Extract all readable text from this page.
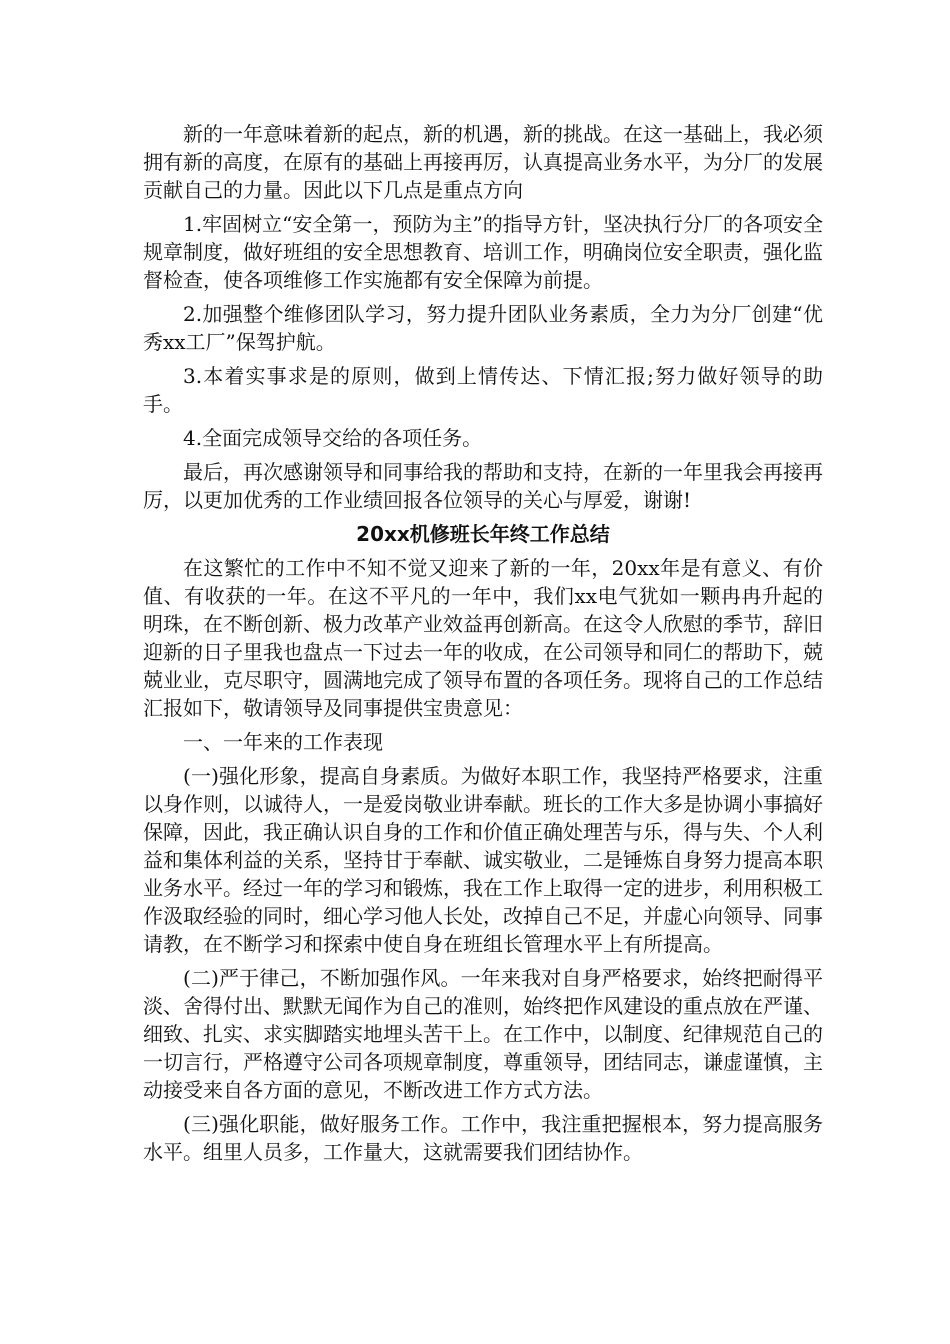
新的一年意味着新的起点，新的机遇，新的挑战。在这一基础上，我必须拥有新的高度，在原有的基础上再接再厉，认真提高业务水平，为分厂的发展贡献自己的力量。因此以下几点是重点方向

1.牢固树立“安全第一，预防为主”的指导方针，坚决执行分厂的各项安全规章制度，做好班组的安全思想教育、培训工作，明确岗位安全职责，强化监督检查，使各项维修工作实施都有安全保障为前提。

2.加强整个维修团队学习，努力提升团队业务素质，全力为分厂创建“优秀xx工厂”保驾护航。

3.本着实事求是的原则，做到上情传达、下情汇报;努力做好领导的助手。

4.全面完成领导交给的各项任务。

最后，再次感谢领导和同事给我的帮助和支持，在新的一年里我会再接再厉，以更加优秀的工作业绩回报各位领导的关心与厚爱，谢谢!

20xx机修班长年终工作总结

在这繁忙的工作中不知不觉又迎来了新的一年，20xx年是有意义、有价值、有收获的一年。在这不平凡的一年中，我们xx电气犹如一颗冉冉升起的明珠，在不断创新、极力改革产业效益再创新高。在这令人欣慰的季节，辞旧迎新的日子里我也盘点一下过去一年的收成，在公司领导和同仁的帮助下，兢兢业业，克尽职守，圆满地完成了领导布置的各项任务。现将自己的工作总结汇报如下，敬请领导及同事提供宝贵意见：

一、一年来的工作表现

(一)强化形象，提高自身素质。为做好本职工作，我坚持严格要求，注重以身作则，以诚待人，一是爱岗敬业讲奉献。班长的工作大多是协调小事搞好保障，因此，我正确认识自身的工作和价值正确处理苦与乐，得与失、个人利益和集体利益的关系，坚持甘于奉献、诚实敬业，二是锤炼自身努力提高本职业务水平。经过一年的学习和锻炼，我在工作上取得一定的进步，利用积极工作汲取经验的同时，细心学习他人长处，改掉自己不足，并虚心向领导、同事请教，在不断学习和探索中使自身在班组长管理水平上有所提高。

(二)严于律己，不断加强作风。一年来我对自身严格要求，始终把耐得平淡、舍得付出、默默无闻作为自己的准则，始终把作风建设的重点放在严谨、细致、扎实、求实脚踏实地埋头苦干上。在工作中，以制度、纪律规范自己的一切言行，严格遵守公司各项规章制度，尊重领导，团结同志，谦虚谨慎，主动接受来自各方面的意见，不断改进工作方式方法。

(三)强化职能，做好服务工作。工作中，我注重把握根本，努力提高服务水平。组里人员多，工作量大，这就需要我们团结协作。
